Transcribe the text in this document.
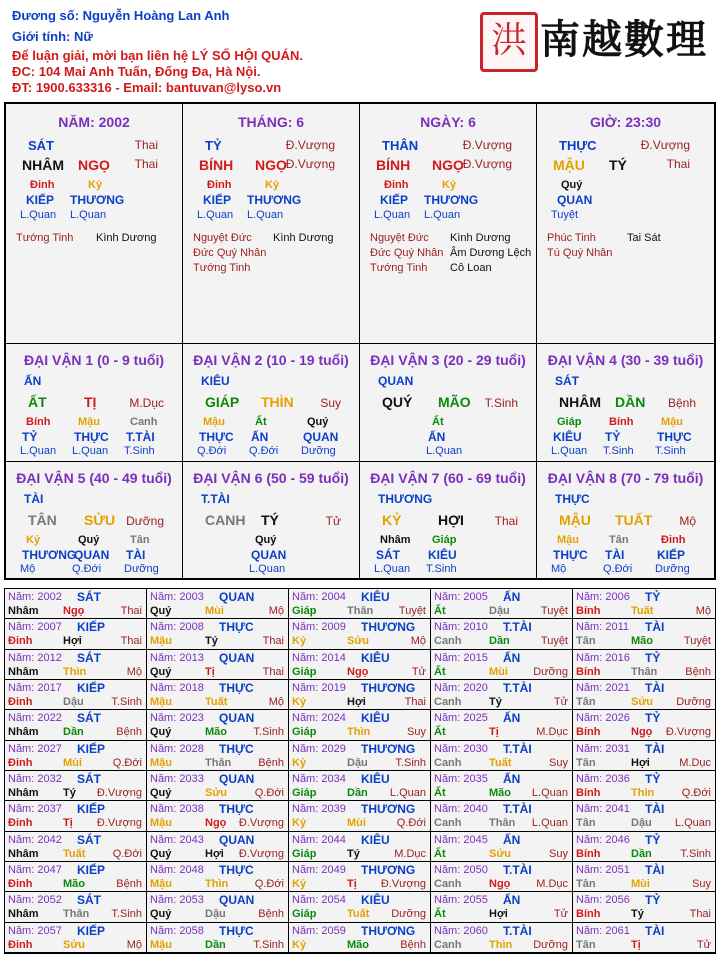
Đương số: Nguyễn Hoàng Lan Anh
Giới tính: Nữ
Để luận giải, mời bạn liên hệ LÝ SỐ HỘI QUÁN.
ĐC: 104 Mai Anh Tuấn, Đống Đa, Hà Nội.
ĐT: 1900.633316 - Email: bantuvan@lyso.vn
洪 南越數理
NĂM: 2002
SÁT	Thai
NHÂM NGỌ Thai
Đinh	Kỷ
KIẾP THƯƠNG
L.Quan L.Quan
Tướng Tinh Kình Dương
THÁNG: 6
TỶ	Đ.Vượng
BÍNH NGỌ
Đ.Vượng
Đinh	Kỷ
KIẾP THƯƠNG
L.Quan L.Quan
Nguyệt Đức Kình Dương
Đức Quý Nhân
Tướng Tinh
NGÀY: 6
THÂN	Đ.Vượng
BÍNH NGỌ
Đ.Vượng
Đinh	Kỷ
KIẾP THƯƠNG
L.Quan L.Quan
Nguyệt Đức Kình Dương
Đức Quý Nhân Âm Dương Lệch
Tướng Tinh Cô Loan
GIỜ: 23:30
THỰC	Đ.Vượng
MẬU TÝ	Thai
Quý
QUAN
Tuyệt
Phúc Tinh	Tai Sát
Tú Quý Nhân
ĐẠI VẬN 1 (0 - 9 tuổi)
ẤN
ẤT	TỊ	M.Dục
Bính
TỶ
L.Quan
Mậu
THỰC
L.Quan
Canh
T.TÀI
T.Sinh
ĐẠI VẬN 2 (10 - 19 tuổi)
KIÊU
GIÁP THÌN Suy
Mậu
THỰC
Q.Đới
Ất
ẤN
Q.Đới
Quý
QUAN
Dưỡng
ĐẠI VẬN 3 (20 - 29 tuổi)
QUAN
QUÝ MÃO T.Sinh
Ất
ẤN
L.Quan
ĐẠI VẬN 4 (30 - 39 tuổi)
SÁT
NHÂM DẦN Bệnh
Giáp
KIÊU
L.Quan
Bính
TỶ
T.Sinh
Mậu
THỰC
T.Sinh
ĐẠI VẬN 5 (40 - 49 tuổi)
TÀI
TÂN SỬU Dưỡng
Kỷ
THƯƠNG
Mộ
Quý
QUAN
Q.Đới
Tân
TÀI
Dưỡng
ĐẠI VẬN 6 (50 - 59 tuổi)
T.TÀI
CANH TÝ	Tử
Quý
QUAN
L.Quan
ĐẠI VẬN 7 (60 - 69 tuổi)
THƯƠNG
KỶ	HỢI	Thai
Nhâm
SÁT
L.Quan
Giáp
KIÊU
T.Sinh
ĐẠI VẬN 8 (70 - 79 tuổi)
THỰC
MẬU TUẤT Mộ
Mậu
THỰC
Mộ
Tân
TÀI
Q.Đới
Đinh
KIẾP
Dưỡng
Năm: 2002 SÁT
Nhâm Ngọ	Thai
Năm: 2003 QUAN
Quý	Mùi	Mộ
Năm: 2004 KIÊU
Giáp	Thân Tuyệt
Năm: 2005 ẤN
Ất	Dậu	Tuyệt
Năm: 2006 TỶ
Bính	Tuất	Mộ
Năm: 2007 KIẾP
Đinh	Hợi	Thai
Năm: 2008 THỰC
Mậu	Tý	Thai
Năm: 2009 THƯƠNG
Kỷ	Sửu	Mộ
Năm: 2010 T.TÀI
Canh	Dần	Tuyệt
Năm: 2011 TÀI
Tân	Mão	Tuyệt
Năm: 2012 SÁT
Nhâm Thìn	Mộ
Năm: 2013 QUAN
Quý	Tị	Thai
Năm: 2014 KIÊU
Giáp	Ngọ	Tử
Năm: 2015 ẤN
Ất	Mùi Dưỡng
Năm: 2016 TỶ
Bính	Thân	Bệnh
Năm: 2017 KIẾP
Đinh	Dậu	T.Sinh
Năm: 2018 THỰC
Mậu	Tuất	Mộ
Năm: 2019 THƯƠNG
Kỷ	Hợi	Thai
Năm: 2020 T.TÀI
Canh	Tý	Tử
Năm: 2021 TÀI
Tân	Sửu Dưỡng
Năm: 2022 SÁT
Nhâm Dần	Bệnh
Năm: 2023 QUAN
Quý	Mão T.Sinh
Năm: 2024 KIÊU
Giáp	Thìn	Suy
Năm: 2025 ẤN
Ất	Tị	M.Dục
Năm: 2026 TỶ
Bính	Ngọ Đ.Vượng
Năm: 2027 KIẾP
Đinh	Mùi	Q.Đới
Năm: 2028 THỰC
Mậu	Thân Bệnh
Năm: 2029 THƯƠNG
Kỷ	Dậu	T.Sinh
Năm: 2030 T.TÀI
Canh	Tuất	Suy
Năm: 2031 TÀI
Tân	Hợi	M.Dục
Năm: 2032 SÁT
Nhâm Tý Đ.Vượng
Năm: 2033 QUAN
Quý	Sửu	Q.Đới
Năm: 2034 KIÊU
Giáp	Dần L.Quan
Năm: 2035 ẤN
Ất	Mão L.Quan
Năm: 2036 TỶ
Bính	Thìn	Q.Đới
Năm: 2037 KIẾP
Đinh	Tị Đ.Vượng
Năm: 2038 THỰC
Mậu	Ngọ Đ.Vượng
Năm: 2039 THƯƠNG
Kỷ	Mùi	Q.Đới
Năm: 2040 T.TÀI
Canh	Thân L.Quan
Năm: 2041 TÀI
Tân	Dậu L.Quan
Năm: 2042 SÁT
Nhâm Tuất Q.Đới
Năm: 2043 QUAN
Quý	Hợi Đ.Vượng
Năm: 2044 KIÊU
Giáp	Tý	M.Dục
Năm: 2045 ẤN
Ất	Sửu	Suy
Năm: 2046 TỶ
Bính	Dần	T.Sinh
Năm: 2047 KIẾP
Đinh	Mão	Bệnh
Năm: 2048 THỰC
Mậu	Thìn Q.Đới
Năm: 2049 THƯƠNG
Kỷ	Tị Đ.Vượng
Năm: 2050 T.TÀI
Canh	Ngọ M.Dục
Năm: 2051 TÀI
Tân	Mùi	Suy
Năm: 2052 SÁT
Nhâm Thân T.Sinh
Năm: 2053 QUAN
Quý	Dậu	Bệnh
Năm: 2054 KIÊU
Giáp	Tuất Dưỡng
Năm: 2055 ẤN
Ất	Hợi	Tử
Năm: 2056 TỶ
Bính	Tý	Thai
Năm: 2057 KIẾP
Đinh	Sửu	Mộ
Năm: 2058 THỰC
Mậu	Dần	T.Sinh
Năm: 2059 THƯƠNG
Kỷ	Mão	Bệnh
Năm: 2060 T.TÀI
Canh	Thìn Dưỡng
Năm: 2061 TÀI
Tân	Tị	Tử
